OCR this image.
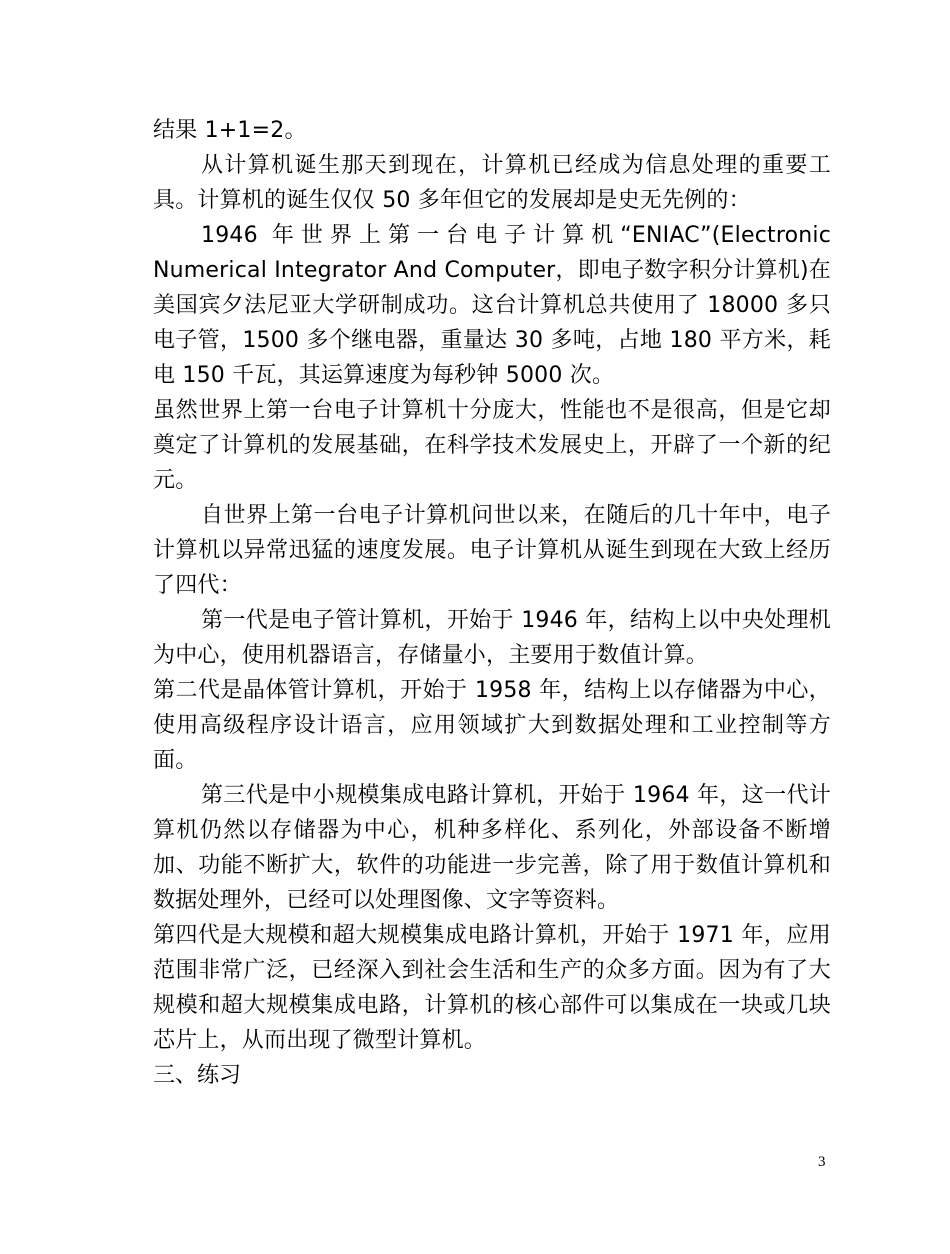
结果 1+1=2。

从计算机诞生那天到现在，计算机已经成为信息处理的重要工具。计算机的诞生仅仅 50 多年但它的发展却是史无先例的：

1946 年世界上第一台电子计算机“ENIAC”(Electronic Numerical Integrator And Computer，即电子数字积分计算机)在美国宾夕法尼亚大学研制成功。这台计算机总共使用了 18000 多只电子管，1500 多个继电器，重量达 30 多吨，占地 180 平方米，耗电 150 千瓦，其运算速度为每秒钟 5000 次。

虽然世界上第一台电子计算机十分庞大，性能也不是很高，但是它却奠定了计算机的发展基础，在科学技术发展史上，开辟了一个新的纪元。

自世界上第一台电子计算机问世以来，在随后的几十年中，电子计算机以异常迅猛的速度发展。电子计算机从诞生到现在大致上经历了四代：

第一代是电子管计算机，开始于 1946 年，结构上以中央处理机为中心，使用机器语言，存储量小，主要用于数值计算。

第二代是晶体管计算机，开始于 1958 年，结构上以存储器为中心，使用高级程序设计语言，应用领域扩大到数据处理和工业控制等方面。

第三代是中小规模集成电路计算机，开始于 1964 年，这一代计算机仍然以存储器为中心，机种多样化、系列化，外部设备不断增加、功能不断扩大，软件的功能进一步完善，除了用于数值计算机和数据处理外，已经可以处理图像、文字等资料。

第四代是大规模和超大规模集成电路计算机，开始于 1971 年，应用范围非常广泛，已经深入到社会生活和生产的众多方面。因为有了大规模和超大规模集成电路，计算机的核心部件可以集成在一块或几块芯片上，从而出现了微型计算机。

三、练习

3
